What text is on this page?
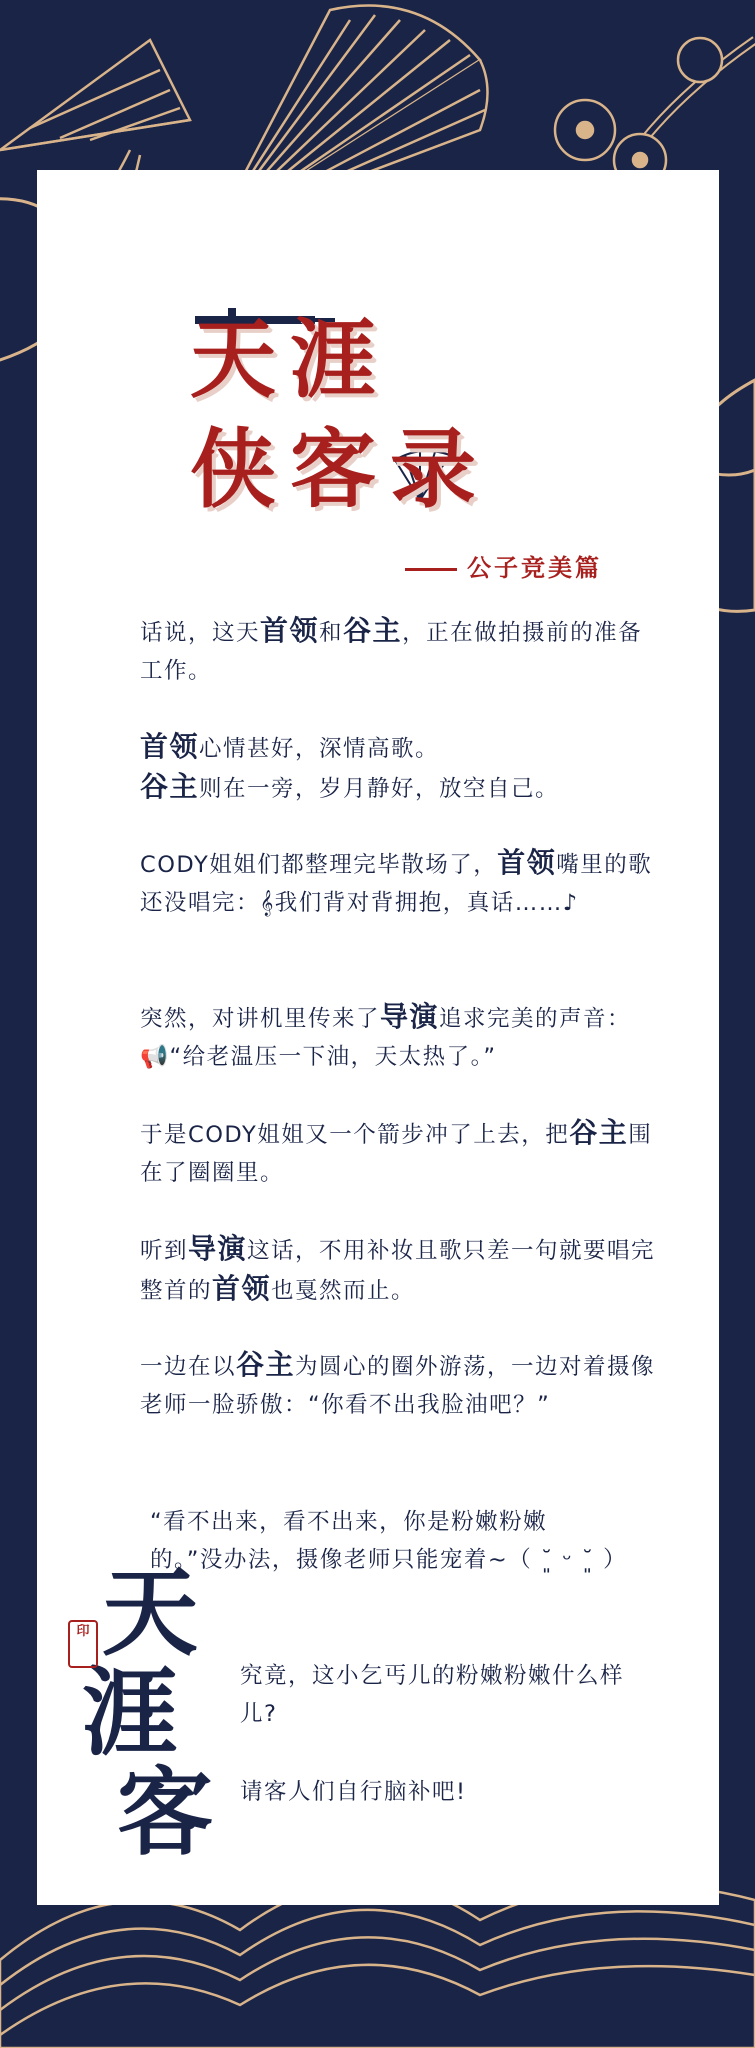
天涯
侠客录
公子竞美篇

话说，这天首领和谷主，正在做拍摄前的准备工作。

首领心情甚好，深情高歌。

谷主则在一旁，岁月静好，放空自己。

CODY姐姐们都整理完毕散场了，首领嘴里的歌还没唱完：𝄞我们背对背拥抱，真话……♪

突然，对讲机里传来了导演追求完美的声音：📢“给老温压一下油，天太热了。”

于是CODY姐姐又一个箭步冲了上去，把谷主围在了圈圈里。

听到导演这话，不用补妆且歌只差一句就要唱完整首的首领也戛然而止。

一边在以谷主为圆心的圈外游荡，一边对着摄像老师一脸骄傲：“你看不出我脸油吧？”

“看不出来，看不出来，你是粉嫩粉嫩的。”没办法，摄像老师只能宠着~（ ˘͈ ᵕ ˘͈ ）

究竟，这小乞丐儿的粉嫩粉嫩什么样儿?

请客人们自行脑补吧!

天
涯
客
印
